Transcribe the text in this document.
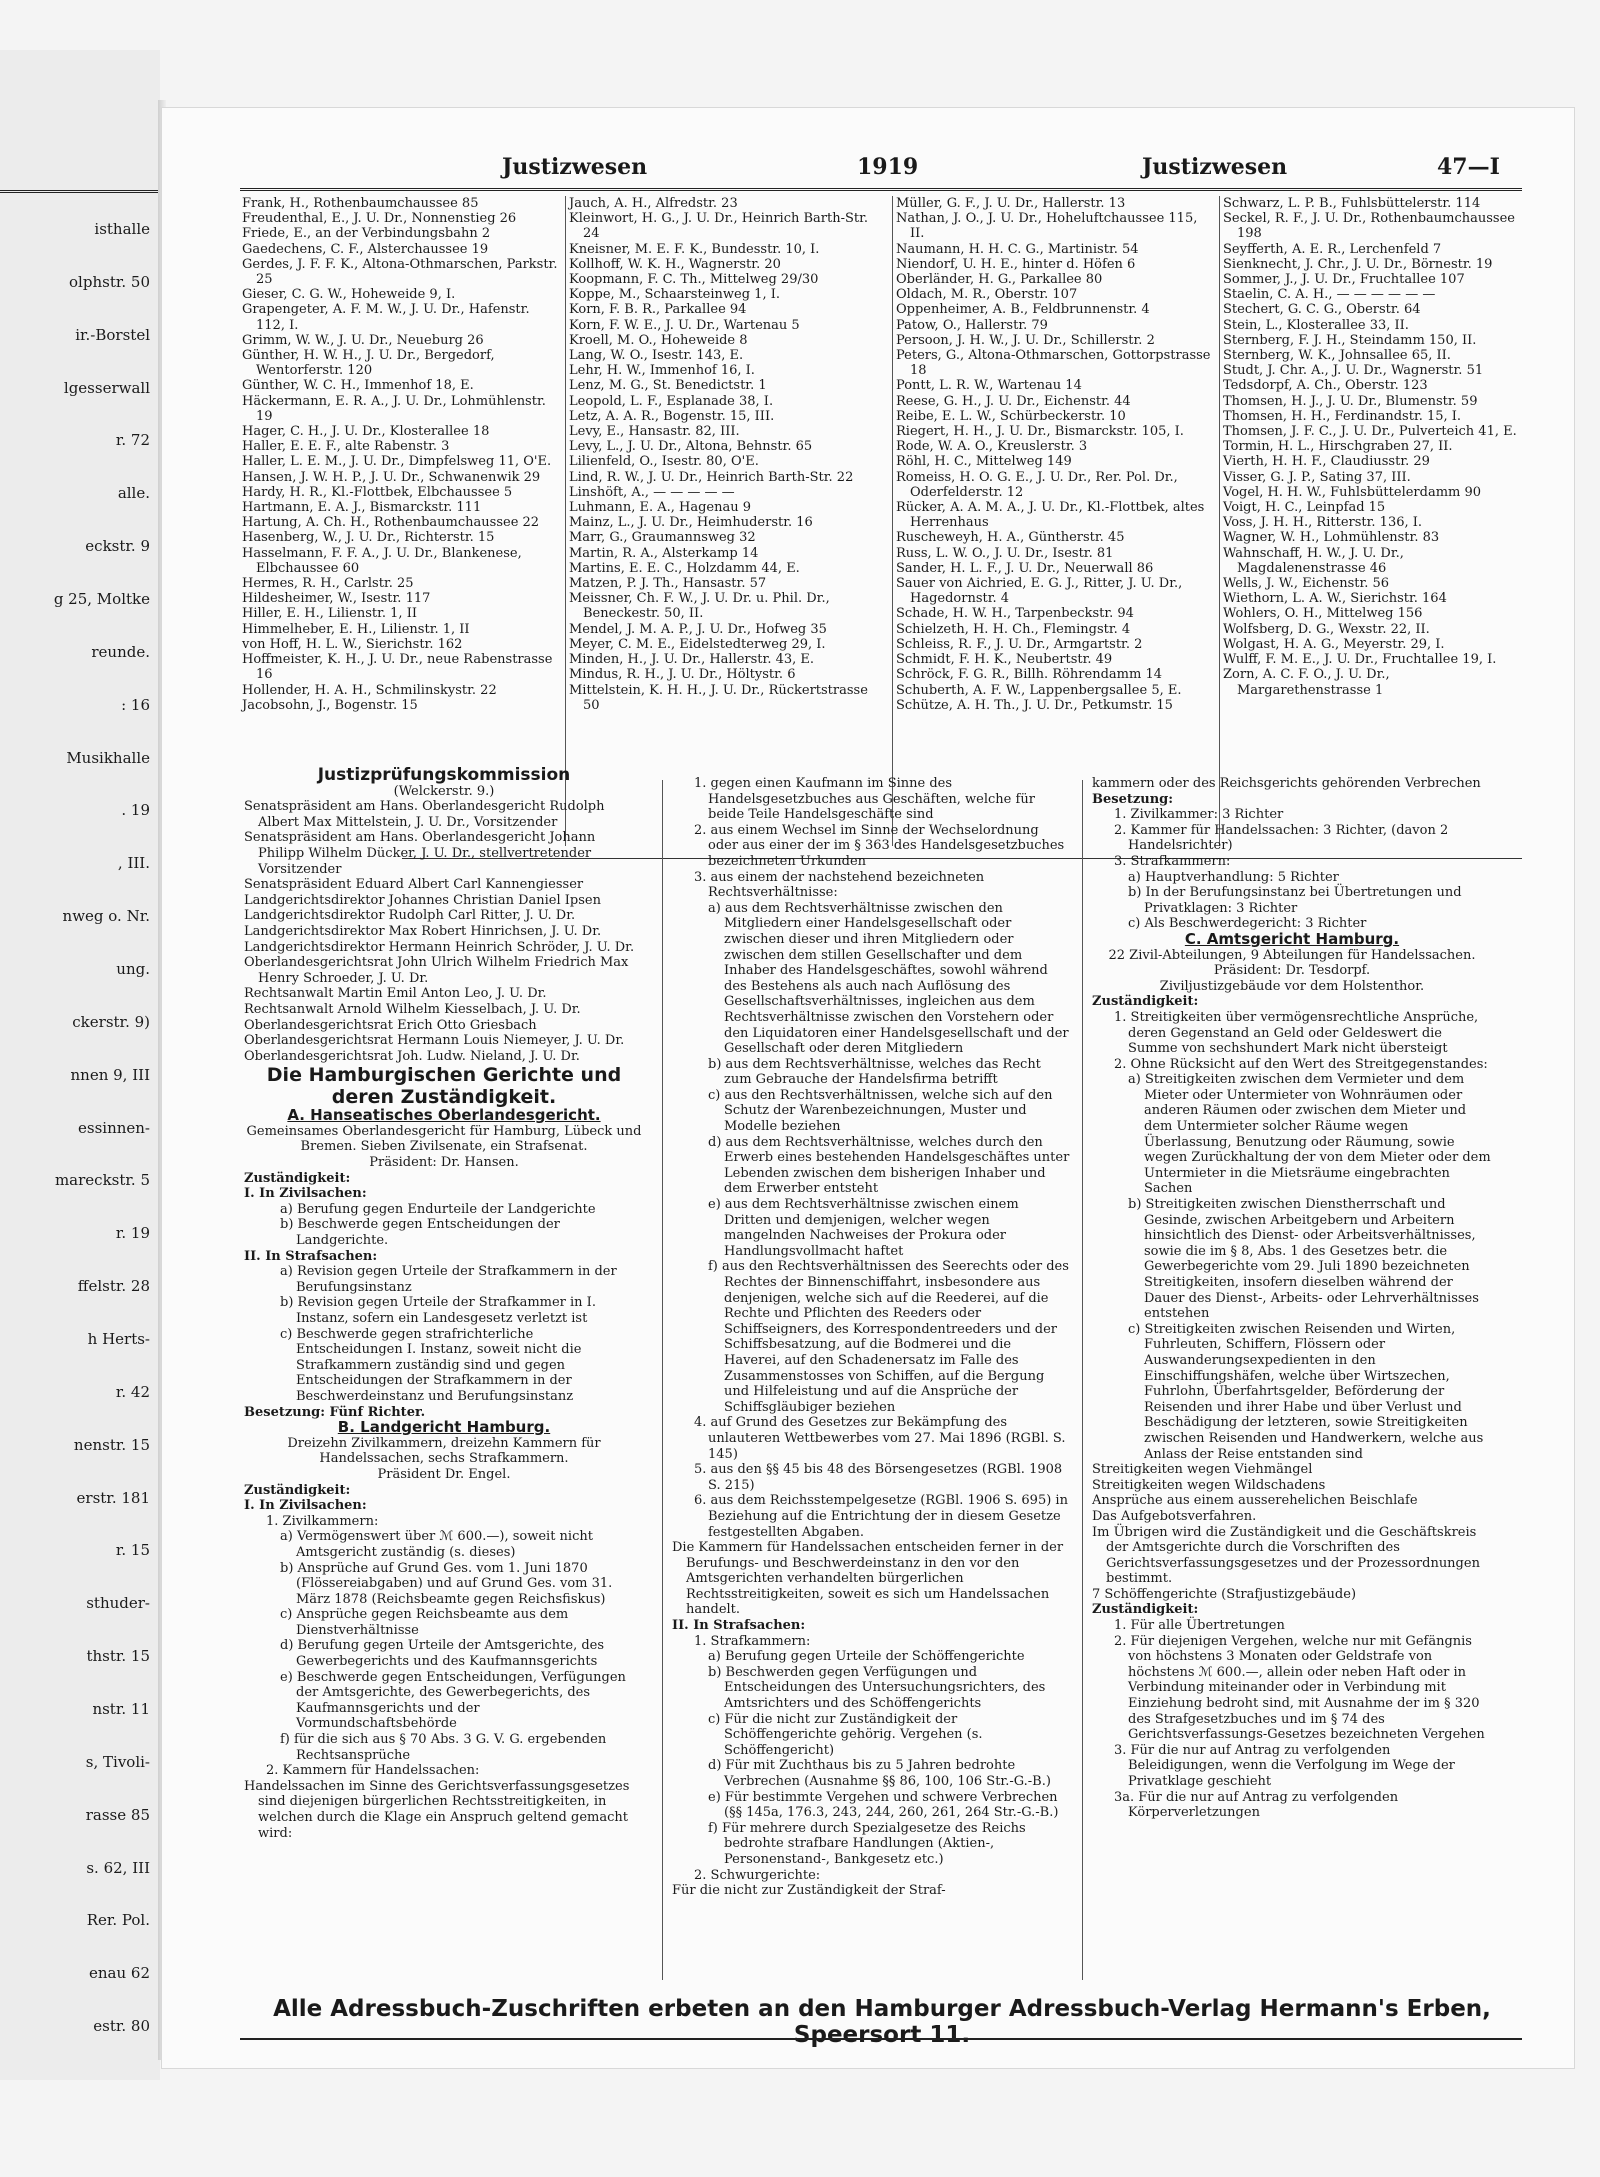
isthalle
olphstr. 50
ir.-Borstel
lgesserwall
r. 72
alle.
eckstr. 9
g 25, Moltke
reunde.
: 16
Musikhalle
. 19
, III.
nweg o. Nr.
ung.
ckerstr. 9)
nnen 9, III
essinnen-
mareckstr. 5
r. 19
ffelstr. 28
h Herts-
r. 42
nenstr. 15
erstr. 181
r. 15
sthuder-
thstr. 15
nstr. 11
s, Tivoli-
rasse 85
s. 62, III
Rer. Pol.
enau 62
estr. 80
Justizwesen	1919	Justizwesen	47—I

Frank, H., Rothenbaumchaussee 85

Freudenthal, E., J. U. Dr., Nonnenstieg 26

Friede, E., an der Verbindungsbahn 2

Gaedechens, C. F., Alsterchaussee 19

Gerdes, J. F. F. K., Altona-Othmarschen, Parkstr. 25

Gieser, C. G. W., Hoheweide 9, I.

Grapengeter, A. F. M. W., J. U. Dr., Hafenstr. 112, I.

Grimm, W. W., J. U. Dr., Neueburg 26

Günther, H. W. H., J. U. Dr., Bergedorf, Wentorferstr. 120

Günther, W. C. H., Immenhof 18, E.

Häckermann, E. R. A., J. U. Dr., Lohmühlenstr. 19

Hager, C. H., J. U. Dr., Klosterallee 18

Haller, E. E. F., alte Rabenstr. 3

Haller, L. E. M., J. U. Dr., Dimpfelsweg 11, O'E.

Hansen, J. W. H. P., J. U. Dr., Schwanenwik 29

Hardy, H. R., Kl.-Flottbek, Elbchaussee 5

Hartmann, E. A. J., Bismarckstr. 111

Hartung, A. Ch. H., Rothenbaumchaussee 22

Hasenberg, W., J. U. Dr., Richterstr. 15

Hasselmann, F. F. A., J. U. Dr., Blankenese, Elbchaussee 60

Hermes, R. H., Carlstr. 25

Hildesheimer, W., Isestr. 117

Hiller, E. H., Lilienstr. 1, II

Himmelheber, E. H., Lilienstr. 1, II

von Hoff, H. L. W., Sierichstr. 162

Hoffmeister, K. H., J. U. Dr., neue Rabenstrasse 16

Hollender, H. A. H., Schmilinskystr. 22

Jacobsohn, J., Bogenstr. 15

Jauch, A. H., Alfredstr. 23

Kleinwort, H. G., J. U. Dr., Heinrich Barth-Str. 24

Kneisner, M. E. F. K., Bundesstr. 10, I.

Kollhoff, W. K. H., Wagnerstr. 20

Koopmann, F. C. Th., Mittelweg 29/30

Koppe, M., Schaarsteinweg 1, I.

Korn, F. B. R., Parkallee 94

Korn, F. W. E., J. U. Dr., Wartenau 5

Kroell, M. O., Hoheweide 8

Lang, W. O., Isestr. 143, E.

Lehr, H. W., Immenhof 16, I.

Lenz, M. G., St. Benedictstr. 1

Leopold, L. F., Esplanade 38, I.

Letz, A. A. R., Bogenstr. 15, III.

Levy, E., Hansastr. 82, III.

Levy, L., J. U. Dr., Altona, Behnstr. 65

Lilienfeld, O., Isestr. 80, O'E.

Lind, R. W., J. U. Dr., Heinrich Barth-Str. 22

Linshöft, A., — — — — —

Luhmann, E. A., Hagenau 9

Mainz, L., J. U. Dr., Heimhuderstr. 16

Marr, G., Graumannsweg 32

Martin, R. A., Alsterkamp 14

Martins, E. E. C., Holzdamm 44, E.

Matzen, P. J. Th., Hansastr. 57

Meissner, Ch. F. W., J. U. Dr. u. Phil. Dr., Beneckestr. 50, II.

Mendel, J. M. A. P., J. U. Dr., Hofweg 35

Meyer, C. M. E., Eidelstedterweg 29, I.

Minden, H., J. U. Dr., Hallerstr. 43, E.

Mindus, R. H., J. U. Dr., Höltystr. 6

Mittelstein, K. H. H., J. U. Dr., Rückertstrasse 50

Müller, G. F., J. U. Dr., Hallerstr. 13

Nathan, J. O., J. U. Dr., Hoheluftchaussee 115, II.

Naumann, H. H. C. G., Martinistr. 54

Niendorf, U. H. E., hinter d. Höfen 6

Oberländer, H. G., Parkallee 80

Oldach, M. R., Oberstr. 107

Oppenheimer, A. B., Feldbrunnenstr. 4

Patow, O., Hallerstr. 79

Persoon, J. H. W., J. U. Dr., Schillerstr. 2

Peters, G., Altona-Othmarschen, Gottorpstrasse 18

Pontt, L. R. W., Wartenau 14

Reese, G. H., J. U. Dr., Eichenstr. 44

Reibe, E. L. W., Schürbeckerstr. 10

Riegert, H. H., J. U. Dr., Bismarckstr. 105, I.

Rode, W. A. O., Kreuslerstr. 3

Röhl, H. C., Mittelweg 149

Romeiss, H. O. G. E., J. U. Dr., Rer. Pol. Dr., Oderfelderstr. 12

Rücker, A. A. M. A., J. U. Dr., Kl.-Flottbek, altes Herrenhaus

Ruscheweyh, H. A., Güntherstr. 45

Russ, L. W. O., J. U. Dr., Isestr. 81

Sander, H. L. F., J. U. Dr., Neuerwall 86

Sauer von Aichried, E. G. J., Ritter, J. U. Dr., Hagedornstr. 4

Schade, H. W. H., Tarpenbeckstr. 94

Schielzeth, H. H. Ch., Flemingstr. 4

Schleiss, R. F., J. U. Dr., Armgartstr. 2

Schmidt, F. H. K., Neubertstr. 49

Schröck, F. G. R., Billh. Röhrendamm 14

Schuberth, A. F. W., Lappenbergsallee 5, E.

Schütze, A. H. Th., J. U. Dr., Petkumstr. 15

Schwarz, L. P. B., Fuhlsbüttelerstr. 114

Seckel, R. F., J. U. Dr., Rothenbaumchaussee 198

Seyfferth, A. E. R., Lerchenfeld 7

Sienknecht, J. Chr., J. U. Dr., Börnestr. 19

Sommer, J., J. U. Dr., Fruchtallee 107

Staelin, C. A. H., — — — — — —

Stechert, G. C. G., Oberstr. 64

Stein, L., Klosterallee 33, II.

Sternberg, F. J. H., Steindamm 150, II.

Sternberg, W. K., Johnsallee 65, II.

Studt, J. Chr. A., J. U. Dr., Wagnerstr. 51

Tedsdorpf, A. Ch., Oberstr. 123

Thomsen, H. J., J. U. Dr., Blumenstr. 59

Thomsen, H. H., Ferdinandstr. 15, I.

Thomsen, J. F. C., J. U. Dr., Pulverteich 41, E.

Tormin, H. L., Hirschgraben 27, II.

Vierth, H. H. F., Claudiusstr. 29

Visser, G. J. P., Sating 37, III.

Vogel, H. H. W., Fuhlsbüttelerdamm 90

Voigt, H. C., Leinpfad 15

Voss, J. H. H., Ritterstr. 136, I.

Wagner, W. H., Lohmühlenstr. 83

Wahnschaff, H. W., J. U. Dr., Magdalenenstrasse 46

Wells, J. W., Eichenstr. 56

Wiethorn, L. A. W., Sierichstr. 164

Wohlers, O. H., Mittelweg 156

Wolfsberg, D. G., Wexstr. 22, II.

Wolgast, H. A. G., Meyerstr. 29, I.

Wulff, F. M. E., J. U. Dr., Fruchtallee 19, I.

Zorn, A. C. F. O., J. U. Dr., Margarethenstrasse 1

Justizprüfungskommission

(Welckerstr. 9.)

Senatspräsident am Hans. Oberlandesgericht Rudolph Albert Max Mittelstein, J. U. Dr., Vorsitzender

Senatspräsident am Hans. Oberlandesgericht Johann Philipp Wilhelm Dücker, J. U. Dr., stellvertretender Vorsitzender

Senatspräsident Eduard Albert Carl Kannengiesser

Landgerichtsdirektor Johannes Christian Daniel Ipsen

Landgerichtsdirektor Rudolph Carl Ritter, J. U. Dr.

Landgerichtsdirektor Max Robert Hinrichsen, J. U. Dr.

Landgerichtsdirektor Hermann Heinrich Schröder, J. U. Dr.

Oberlandesgerichtsrat John Ulrich Wilhelm Friedrich Max Henry Schroeder, J. U. Dr.

Rechtsanwalt Martin Emil Anton Leo, J. U. Dr.

Rechtsanwalt Arnold Wilhelm Kiesselbach, J. U. Dr.

Oberlandesgerichtsrat Erich Otto Griesbach

Oberlandesgerichtsrat Hermann Louis Niemeyer, J. U. Dr.

Oberlandesgerichtsrat Joh. Ludw. Nieland, J. U. Dr.

Die Hamburgischen Gerichte und deren Zuständigkeit.

A. Hanseatisches Oberlandesgericht.

Gemeinsames Oberlandesgericht für Hamburg, Lübeck und Bremen. Sieben Zivilsenate, ein Strafsenat.

Präsident: Dr. Hansen.

Zuständigkeit:

I. In Zivilsachen:

a) Berufung gegen Endurteile der Landgerichte

b) Beschwerde gegen Entscheidungen der Landgerichte.

II. In Strafsachen:

a) Revision gegen Urteile der Strafkammern in der Berufungsinstanz

b) Revision gegen Urteile der Strafkammer in I. Instanz, sofern ein Landesgesetz verletzt ist

c) Beschwerde gegen strafrichterliche Entscheidungen I. Instanz, soweit nicht die Strafkammern zuständig sind und gegen Entscheidungen der Strafkammern in der Beschwerdeinstanz und Berufungsinstanz

Besetzung: Fünf Richter.

B. Landgericht Hamburg.

Dreizehn Zivilkammern, dreizehn Kammern für Handelssachen, sechs Strafkammern.

Präsident Dr. Engel.

Zuständigkeit:

I. In Zivilsachen:

1. Zivilkammern:

a) Vermögenswert über ℳ 600.—), soweit nicht Amtsgericht zuständig (s. dieses)

b) Ansprüche auf Grund Ges. vom 1. Juni 1870 (Flössereiabgaben) und auf Grund Ges. vom 31. März 1878 (Reichsbeamte gegen Reichsfiskus)

c) Ansprüche gegen Reichsbeamte aus dem Dienstverhältnisse

d) Berufung gegen Urteile der Amtsgerichte, des Gewerbegerichts und des Kaufmannsgerichts

e) Beschwerde gegen Entscheidungen, Verfügungen der Amtsgerichte, des Gewerbegerichts, des Kaufmannsgerichts und der Vormundschaftsbehörde

f) für die sich aus § 70 Abs. 3 G. V. G. ergebenden Rechtsansprüche

2. Kammern für Handelssachen:

Handelssachen im Sinne des Gerichtsverfassungsgesetzes sind diejenigen bürgerlichen Rechtsstreitigkeiten, in welchen durch die Klage ein Anspruch geltend gemacht wird:

1. gegen einen Kaufmann im Sinne des Handelsgesetzbuches aus Geschäften, welche für beide Teile Handelsgeschäfte sind

2. aus einem Wechsel im Sinne der Wechselordnung oder aus einer der im § 363 des Handelsgesetzbuches bezeichneten Urkunden

3. aus einem der nachstehend bezeichneten Rechtsverhältnisse:

a) aus dem Rechtsverhältnisse zwischen den Mitgliedern einer Handelsgesellschaft oder zwischen dieser und ihren Mitgliedern oder zwischen dem stillen Gesellschafter und dem Inhaber des Handelsgeschäftes, sowohl während des Bestehens als auch nach Auflösung des Gesellschaftsverhältnisses, ingleichen aus dem Rechtsverhältnisse zwischen den Vorstehern oder den Liquidatoren einer Handelsgesellschaft und der Gesellschaft oder deren Mitgliedern

b) aus dem Rechtsverhältnisse, welches das Recht zum Gebrauche der Handelsfirma betrifft

c) aus den Rechtsverhältnissen, welche sich auf den Schutz der Warenbezeichnungen, Muster und Modelle beziehen

d) aus dem Rechtsverhältnisse, welches durch den Erwerb eines bestehenden Handelsgeschäftes unter Lebenden zwischen dem bisherigen Inhaber und dem Erwerber entsteht

e) aus dem Rechtsverhältnisse zwischen einem Dritten und demjenigen, welcher wegen mangelnden Nachweises der Prokura oder Handlungsvollmacht haftet

f) aus den Rechtsverhältnissen des Seerechts oder des Rechtes der Binnenschiffahrt, insbesondere aus denjenigen, welche sich auf die Reederei, auf die Rechte und Pflichten des Reeders oder Schiffseigners, des Korrespondentreeders und der Schiffsbesatzung, auf die Bodmerei und die Haverei, auf den Schadenersatz im Falle des Zusammenstosses von Schiffen, auf die Bergung und Hilfeleistung und auf die Ansprüche der Schiffsgläubiger beziehen

4. auf Grund des Gesetzes zur Bekämpfung des unlauteren Wettbewerbes vom 27. Mai 1896 (RGBl. S. 145)

5. aus den §§ 45 bis 48 des Börsengesetzes (RGBl. 1908 S. 215)

6. aus dem Reichsstempelgesetze (RGBl. 1906 S. 695) in Beziehung auf die Entrichtung der in diesem Gesetze festgestellten Abgaben.

Die Kammern für Handelssachen entscheiden ferner in der Berufungs- und Beschwerdeinstanz in den vor den Amtsgerichten verhandelten bürgerlichen Rechtsstreitigkeiten, soweit es sich um Handelssachen handelt.

II. In Strafsachen:

1. Strafkammern:

a) Berufung gegen Urteile der Schöffengerichte

b) Beschwerden gegen Verfügungen und Entscheidungen des Untersuchungsrichters, des Amtsrichters und des Schöffengerichts

c) Für die nicht zur Zuständigkeit der Schöffengerichte gehörig. Vergehen (s. Schöffengericht)

d) Für mit Zuchthaus bis zu 5 Jahren bedrohte Verbrechen (Ausnahme §§ 86, 100, 106 Str.-G.-B.)

e) Für bestimmte Vergehen und schwere Verbrechen (§§ 145a, 176.3, 243, 244, 260, 261, 264 Str.-G.-B.)

f) Für mehrere durch Spezialgesetze des Reichs bedrohte strafbare Handlungen (Aktien-, Personenstand-, Bankgesetz etc.)

2. Schwurgerichte:

Für die nicht zur Zuständigkeit der Straf-

kammern oder des Reichsgerichts gehörenden Verbrechen

Besetzung:

1. Zivilkammer: 3 Richter

2. Kammer für Handelssachen: 3 Richter, (davon 2 Handelsrichter)

3. Strafkammern:

a) Hauptverhandlung: 5 Richter

b) In der Berufungsinstanz bei Übertretungen und Privatklagen: 3 Richter

c) Als Beschwerdegericht: 3 Richter

C. Amtsgericht Hamburg.

22 Zivil-Abteilungen, 9 Abteilungen für Handelssachen.

Präsident: Dr. Tesdorpf.

Ziviljustizgebäude vor dem Holstenthor.

Zuständigkeit:

1. Streitigkeiten über vermögensrechtliche Ansprüche, deren Gegenstand an Geld oder Geldeswert die Summe von sechshundert Mark nicht übersteigt

2. Ohne Rücksicht auf den Wert des Streitgegenstandes:

a) Streitigkeiten zwischen dem Vermieter und dem Mieter oder Untermieter von Wohnräumen oder anderen Räumen oder zwischen dem Mieter und dem Untermieter solcher Räume wegen Überlassung, Benutzung oder Räumung, sowie wegen Zurückhaltung der von dem Mieter oder dem Untermieter in die Mietsräume eingebrachten Sachen

b) Streitigkeiten zwischen Dienstherrschaft und Gesinde, zwischen Arbeitgebern und Arbeitern hinsichtlich des Dienst- oder Arbeitsverhältnisses, sowie die im § 8, Abs. 1 des Gesetzes betr. die Gewerbegerichte vom 29. Juli 1890 bezeichneten Streitigkeiten, insofern dieselben während der Dauer des Dienst-, Arbeits- oder Lehrverhältnisses entstehen

c) Streitigkeiten zwischen Reisenden und Wirten, Fuhrleuten, Schiffern, Flössern oder Auswanderungsexpedienten in den Einschiffungshäfen, welche über Wirtszechen, Fuhrlohn, Überfahrtsgelder, Beförderung der Reisenden und ihrer Habe und über Verlust und Beschädigung der letzteren, sowie Streitigkeiten zwischen Reisenden und Handwerkern, welche aus Anlass der Reise entstanden sind

Streitigkeiten wegen Viehmängel

Streitigkeiten wegen Wildschadens

Ansprüche aus einem ausserehelichen Beischlafe

Das Aufgebotsverfahren.

Im Übrigen wird die Zuständigkeit und die Geschäftskreis der Amtsgerichte durch die Vorschriften des Gerichtsverfassungsgesetzes und der Prozessordnungen bestimmt.

7 Schöffengerichte (Strafjustizgebäude)

Zuständigkeit:

1. Für alle Übertretungen

2. Für diejenigen Vergehen, welche nur mit Gefängnis von höchstens 3 Monaten oder Geldstrafe von höchstens ℳ 600.—, allein oder neben Haft oder in Verbindung miteinander oder in Verbindung mit Einziehung bedroht sind, mit Ausnahme der im § 320 des Strafgesetzbuches und im § 74 des Gerichtsverfassungs-Gesetzes bezeichneten Vergehen

3. Für die nur auf Antrag zu verfolgenden Beleidigungen, wenn die Verfolgung im Wege der Privatklage geschieht

3a. Für die nur auf Antrag zu verfolgenden Körperverletzungen

Alle Adressbuch-Zuschriften erbeten an den Hamburger Adressbuch-Verlag Hermann's Erben, Speersort 11.
